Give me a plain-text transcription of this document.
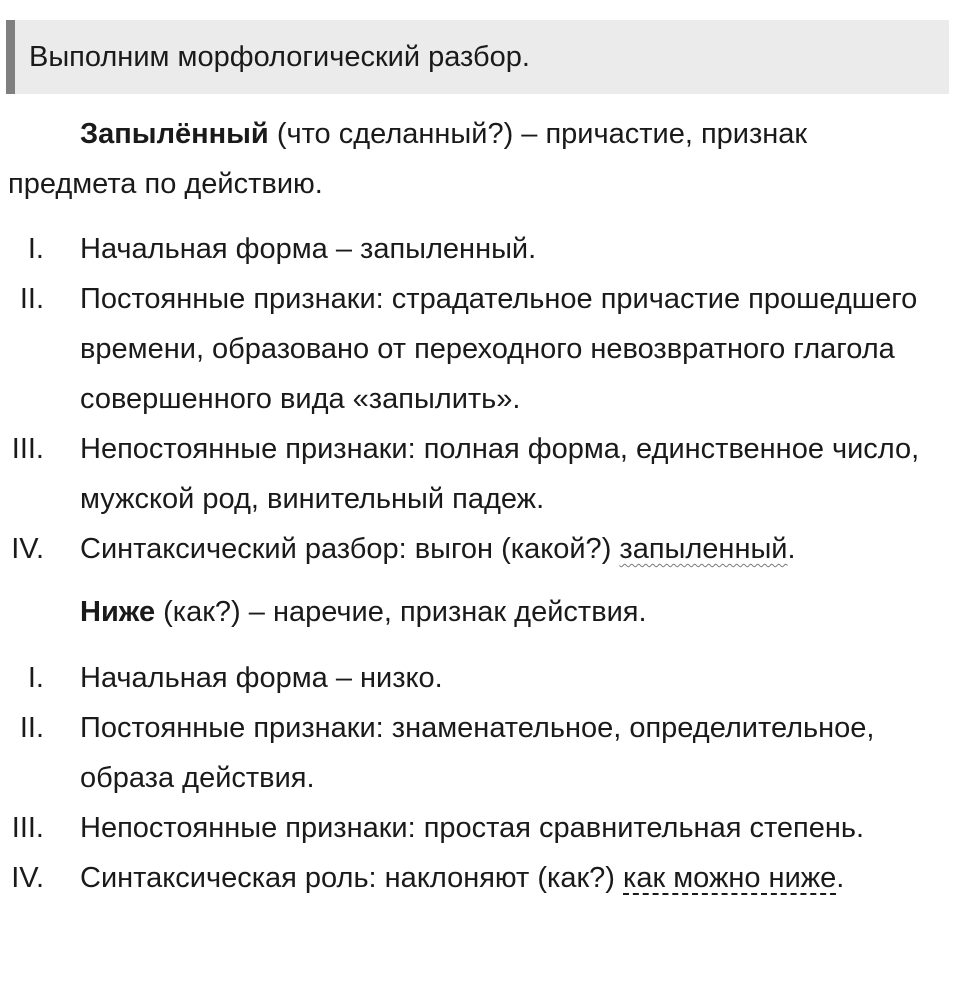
Выполним морфологический разбор.
Запылённый (что сделанный?) – причастие, признак
предмета по действию.
I. Начальная форма – запыленный.
II. Постоянные признаки: страдательное причастие прошедшего времени, образовано от переходного невозвратного глагола совершенного вида «запылить».
III. Непостоянные признаки: полная форма, единственное число, мужской род, винительный падеж.
IV. Синтаксический разбор: выгон (какой?) запыленный.
Ниже (как?) – наречие, признак действия.
I. Начальная форма – низко.
II. Постоянные признаки: знаменательное, определительное, образа действия.
III. Непостоянные признаки: простая сравнительная степень.
IV. Синтаксическая роль: наклоняют (как?) как можно ниже.
